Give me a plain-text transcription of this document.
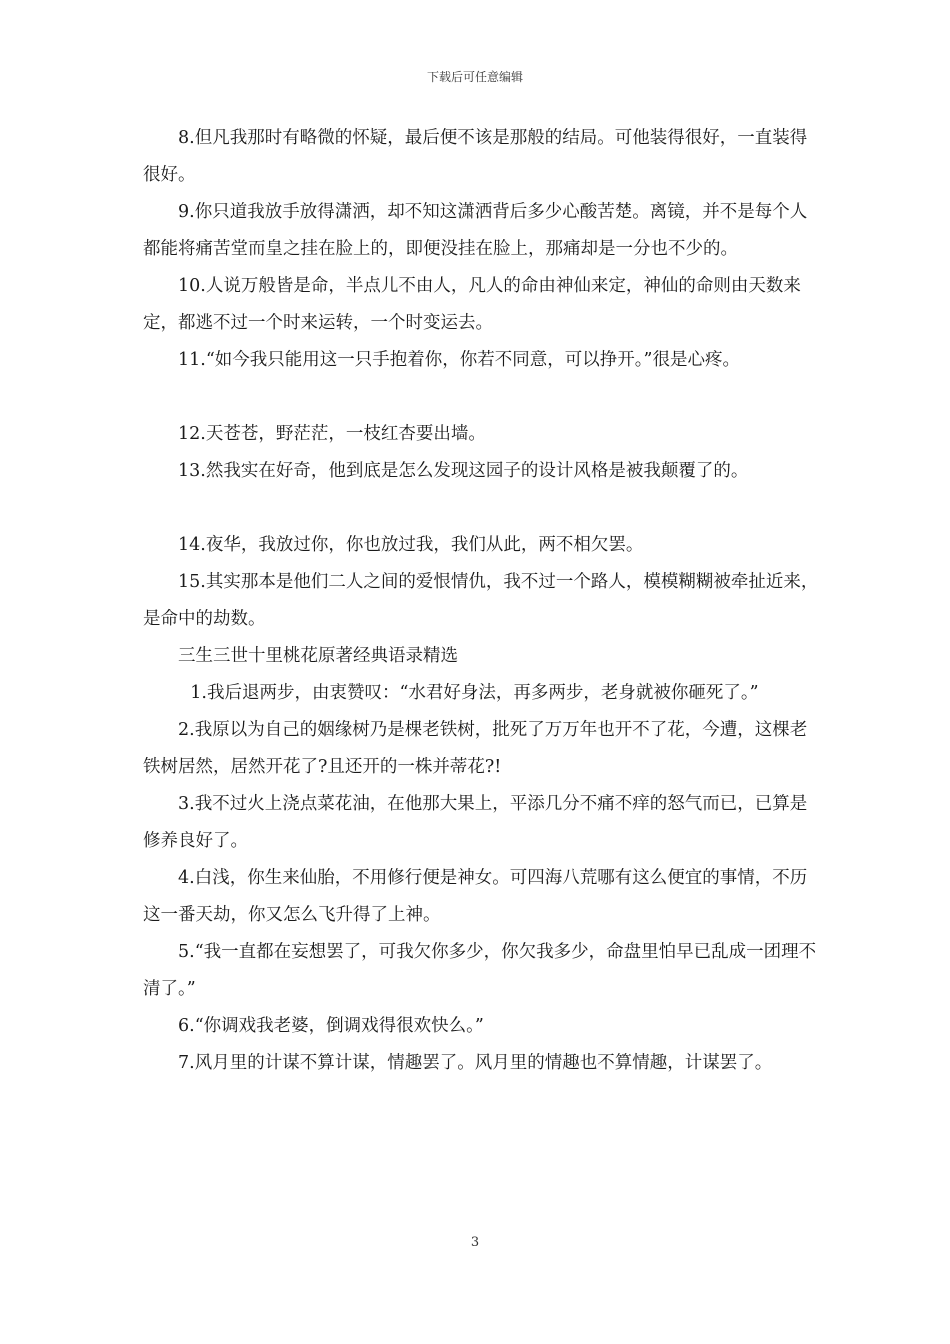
下载后可任意编辑

8.但凡我那时有略微的怀疑，最后便不该是那般的结局。可他装得很好，一直装得很好。

9.你只道我放手放得潇洒，却不知这潇洒背后多少心酸苦楚。离镜，并不是每个人都能将痛苦堂而皇之挂在脸上的，即便没挂在脸上，那痛却是一分也不少的。

10.人说万般皆是命，半点儿不由人，凡人的命由神仙来定，神仙的命则由天数来定，都逃不过一个时来运转，一个时变运去。

11.“如今我只能用这一只手抱着你，你若不同意，可以挣开。”很是心疼。

12.天苍苍，野茫茫，一枝红杏要出墙。

13.然我实在好奇，他到底是怎么发现这园子的设计风格是被我颠覆了的。

14.夜华，我放过你，你也放过我，我们从此，两不相欠罢。

15.其实那本是他们二人之间的爱恨情仇，我不过一个路人，模模糊糊被牵扯近来，是命中的劫数。

三生三世十里桃花原著经典语录精选

1.我后退两步，由衷赞叹：“水君好身法，再多两步，老身就被你砸死了。”

2.我原以为自己的姻缘树乃是棵老铁树，批死了万万年也开不了花，今遭，这棵老铁树居然，居然开花了?且还开的一株并蒂花?!

3.我不过火上浇点菜花油，在他那大果上，平添几分不痛不痒的怒气而已，已算是修养良好了。

4.白浅，你生来仙胎，不用修行便是神女。可四海八荒哪有这么便宜的事情，不历这一番天劫，你又怎么飞升得了上神。

5.“我一直都在妄想罢了，可我欠你多少，你欠我多少，命盘里怕早已乱成一团理不清了。”

6.“你调戏我老婆，倒调戏得很欢快么。”

7.风月里的计谋不算计谋，情趣罢了。风月里的情趣也不算情趣，计谋罢了。

3
